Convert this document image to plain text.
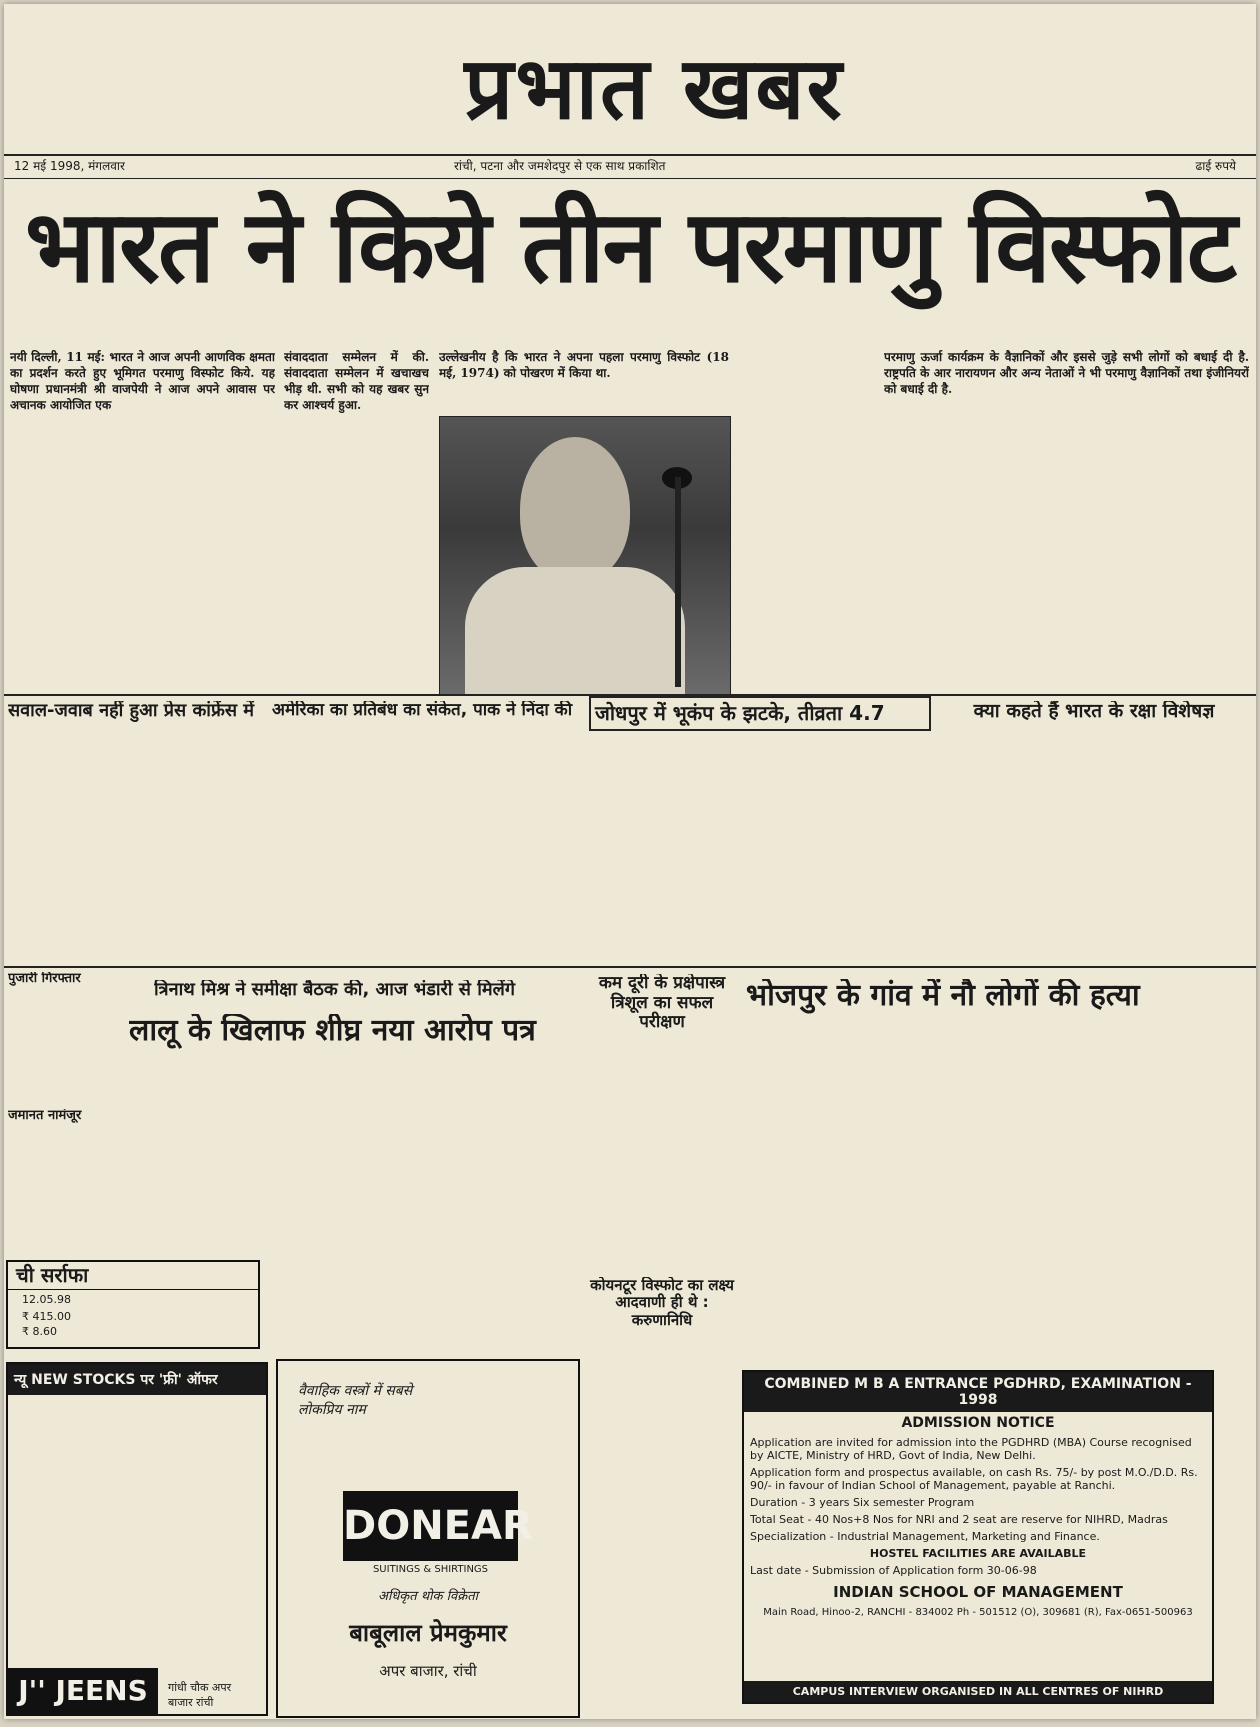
प्रभात खबर
12 मई 1998, मंगलवार	रांची, पटना और जमशेदपुर से एक साथ प्रकाशित	ढाई रुपये
भारत ने किये तीन परमाणु विस्फोट

नयी दिल्ली, 11 मई: भारत ने आज अपनी आणविक क्षमता का प्रदर्शन करते हुए भूमिगत परमाणु विस्फोट किये. यह घोषणा प्रधानमंत्री श्री वाजपेयी ने आज अपने आवास पर अचानक आयोजित एक

संवाददाता सम्मेलन में की. संवाददाता सम्मेलन में खचाखच भीड़ थी. सभी को यह खबर सुन कर आश्चर्य हुआ.

उल्लेखनीय है कि भारत ने अपना पहला परमाणु विस्फोट (18 मई, 1974) को पोखरण में किया था.

परमाणु ऊर्जा कार्यक्रम के वैज्ञानिकों और इससे जुड़े सभी लोगों को बधाई दी है. राष्ट्रपति के आर नारायणन और अन्य नेताओं ने भी परमाणु वैज्ञानिकों तथा इंजीनियरों को बधाई दी है.

सवाल-जवाब नहीं हुआ प्रेस कांफ्रेंस में	अमेरिका का प्रतिबंध का संकेत, पाक ने निंदा की	जोधपुर में भूकंप के झटके, तीव्रता 4.7	क्या कहते हैं भारत के रक्षा विशेषज्ञ
पुजारी गिरफ्तार
जमानत नामंजूर
त्रिनाथ मिश्र ने समीक्षा बैठक की, आज भंडारी से मिलेंगे
लालू के खिलाफ शीघ्र नया आरोप पत्र
कम दूरी के प्रक्षेपास्त्र त्रिशूल का सफल परीक्षण
भोजपुर के गांव में नौ लोगों की हत्या
कोयनटूर विस्फोट का लक्ष्य आदवाणी ही थे : करुणानिधि

ची सर्राफा

12.05.98

₹ 415.00

₹ 8.60

न्यू NEW STOCKS पर 'फ्री' ऑफर

J'' JEENS	गांधी चौक अपर बाजार रांची

वैवाहिक वस्त्रों में सबसे लोकप्रिय नाम

DONEAR

SUITINGS & SHIRTINGS

अधिकृत थोक विक्रेता

बाबूलाल प्रेमकुमार

अपर बाजार, रांची

COMBINED M B A ENTRANCE PGDHRD, EXAMINATION - 1998

ADMISSION NOTICE

Application are invited for admission into the PGDHRD (MBA) Course recognised by AICTE, Ministry of HRD, Govt of India, New Delhi.

Application form and prospectus available, on cash Rs. 75/- by post M.O./D.D. Rs. 90/- in favour of Indian School of Management, payable at Ranchi.

Duration - 3 years Six semester Program

Total Seat - 40 Nos+8 Nos for NRI and 2 seat are reserve for NIHRD, Madras

Specialization - Industrial Management, Marketing and Finance.

HOSTEL FACILITIES ARE AVAILABLE

Last date - Submission of Application form 30-06-98

INDIAN SCHOOL OF MANAGEMENT

Main Road, Hinoo-2, RANCHI - 834002 Ph - 501512 (O), 309681 (R), Fax-0651-500963

CAMPUS INTERVIEW ORGANISED IN ALL CENTRES OF NIHRD
